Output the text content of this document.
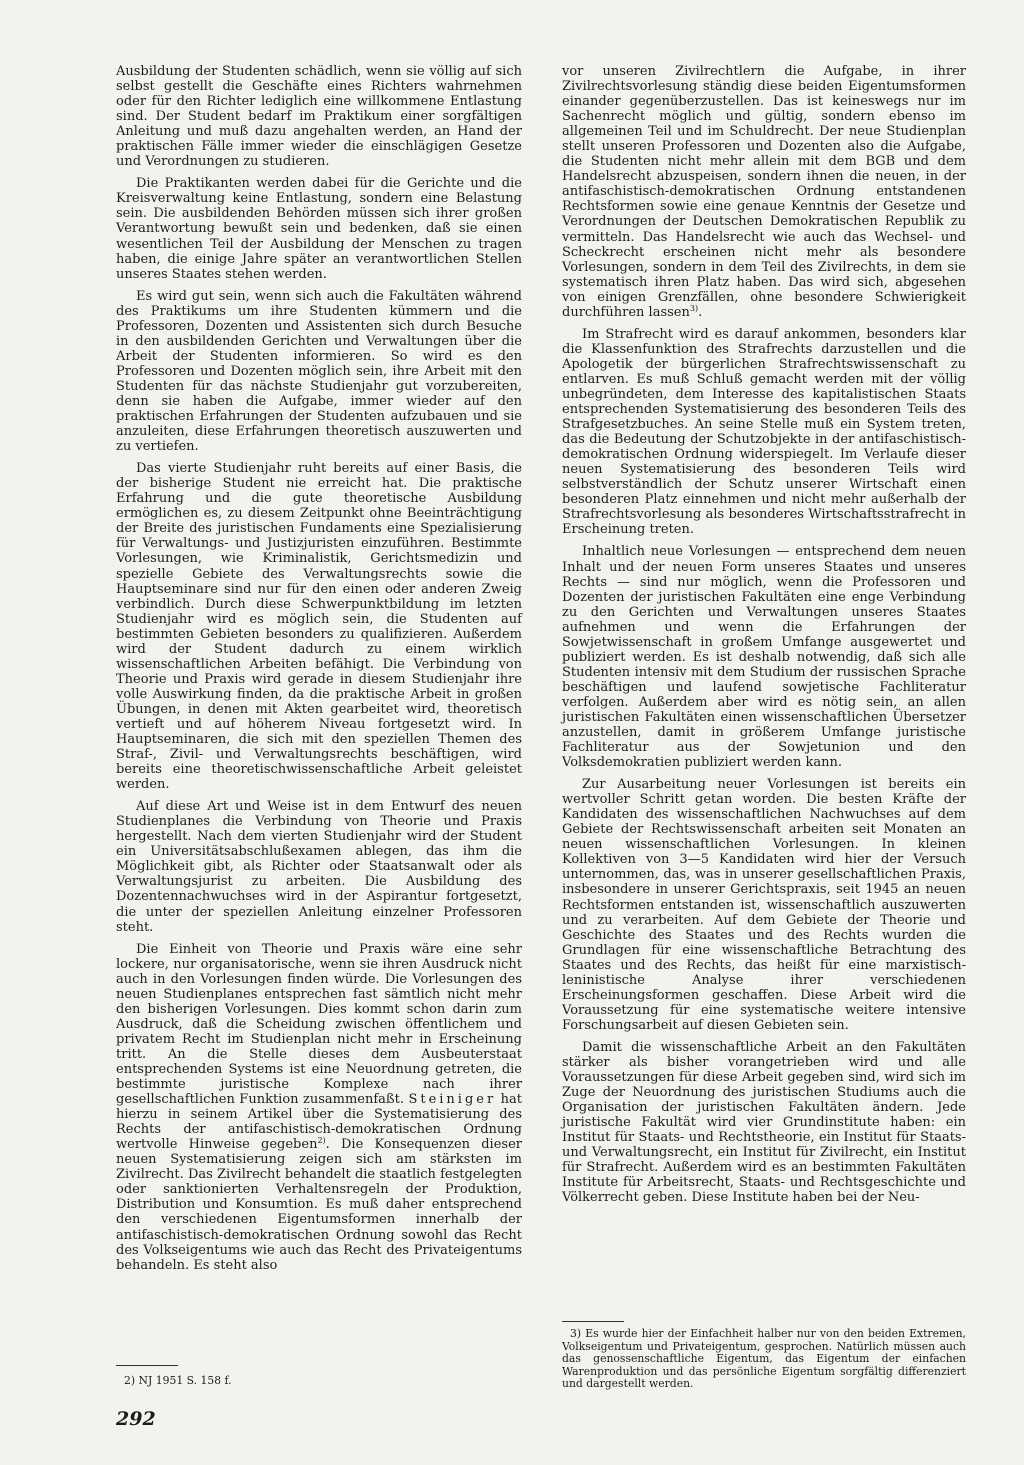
Ausbildung der Studenten schädlich, wenn sie völlig auf sich selbst gestellt die Geschäfte eines Richters wahrnehmen oder für den Richter lediglich eine willkommene Entlastung sind. Der Student bedarf im Praktikum einer sorgfältigen Anleitung und muß dazu angehalten werden, an Hand der praktischen Fälle immer wieder die einschlägigen Gesetze und Verordnungen zu studieren.

Die Praktikanten werden dabei für die Gerichte und die Kreisverwaltung keine Entlastung, sondern eine Belastung sein. Die ausbildenden Behörden müssen sich ihrer großen Verantwortung bewußt sein und bedenken, daß sie einen wesentlichen Teil der Ausbildung der Menschen zu tragen haben, die einige Jahre später an verantwortlichen Stellen unseres Staates stehen werden.

Es wird gut sein, wenn sich auch die Fakultäten während des Praktikums um ihre Studenten kümmern und die Professoren, Dozenten und Assistenten sich durch Besuche in den ausbildenden Gerichten und Verwaltungen über die Arbeit der Studenten informieren. So wird es den Professoren und Dozenten möglich sein, ihre Arbeit mit den Studenten für das nächste Studienjahr gut vorzubereiten, denn sie haben die Aufgabe, immer wieder auf den praktischen Erfahrungen der Studenten aufzubauen und sie anzuleiten, diese Erfahrungen theoretisch auszuwerten und zu vertiefen.

Das vierte Studienjahr ruht bereits auf einer Basis, die der bisherige Student nie erreicht hat. Die praktische Erfahrung und die gute theoretische Ausbildung ermöglichen es, zu diesem Zeitpunkt ohne Beeinträchtigung der Breite des juristischen Fundaments eine Spezialisierung für Verwaltungs- und Justizjuristen einzuführen. Bestimmte Vorlesungen, wie Kriminalistik, Gerichtsmedizin und spezielle Gebiete des Verwaltungsrechts sowie die Hauptseminare sind nur für den einen oder anderen Zweig verbindlich. Durch diese Schwerpunktbildung im letzten Studienjahr wird es möglich sein, die Studenten auf bestimmten Gebieten besonders zu qualifizieren. Außerdem wird der Student dadurch zu einem wirklich wissenschaftlichen Arbeiten befähigt. Die Verbindung von Theorie und Praxis wird gerade in diesem Studienjahr ihre volle Auswirkung finden, da die praktische Arbeit in großen Übungen, in denen mit Akten gearbeitet wird, theoretisch vertieft und auf höherem Niveau fortgesetzt wird. In Hauptseminaren, die sich mit den speziellen Themen des Straf-, Zivil- und Verwaltungsrechts beschäftigen, wird bereits eine theoretischwissenschaftliche Arbeit geleistet werden.

Auf diese Art und Weise ist in dem Entwurf des neuen Studienplanes die Verbindung von Theorie und Praxis hergestellt. Nach dem vierten Studienjahr wird der Student ein Universitätsabschlußexamen ablegen, das ihm die Möglichkeit gibt, als Richter oder Staatsanwalt oder als Verwaltungsjurist zu arbeiten. Die Ausbildung des Dozentennachwuchses wird in der Aspirantur fortgesetzt, die unter der speziellen Anleitung einzelner Professoren steht.

Die Einheit von Theorie und Praxis wäre eine sehr lockere, nur organisatorische, wenn sie ihren Ausdruck nicht auch in den Vorlesungen finden würde. Die Vorlesungen des neuen Studienplanes entsprechen fast sämtlich nicht mehr den bisherigen Vorlesungen. Dies kommt schon darin zum Ausdruck, daß die Scheidung zwischen öffentlichem und privatem Recht im Studienplan nicht mehr in Erscheinung tritt. An die Stelle dieses dem Ausbeuterstaat entsprechenden Systems ist eine Neuordnung getreten, die bestimmte juristische Komplexe nach ihrer gesellschaftlichen Funktion zusammenfaßt. Steiniger hat hierzu in seinem Artikel über die Systematisierung des Rechts der antifaschistisch-demokratischen Ordnung wertvolle Hinweise gegeben$^{2)}$. Die Konsequenzen dieser neuen Systematisierung zeigen sich am stärksten im Zivilrecht. Das Zivilrecht behandelt die staatlich festgelegten oder sanktionierten Verhaltensregeln der Produktion, Distribution und Konsumtion. Es muß daher entsprechend den verschiedenen Eigentumsformen innerhalb der antifaschistisch-demokratischen Ordnung sowohl das Recht des Volkseigentums wie auch das Recht des Privateigentums behandeln. Es steht also

vor unseren Zivilrechtlern die Aufgabe, in ihrer Zivilrechtsvorlesung ständig diese beiden Eigentumsformen einander gegenüberzustellen. Das ist keineswegs nur im Sachenrecht möglich und gültig, sondern ebenso im allgemeinen Teil und im Schuldrecht. Der neue Studienplan stellt unseren Professoren und Dozenten also die Aufgabe, die Studenten nicht mehr allein mit dem BGB und dem Handelsrecht abzuspeisen, sondern ihnen die neuen, in der antifaschistisch-demokratischen Ordnung entstandenen Rechtsformen sowie eine genaue Kenntnis der Gesetze und Verordnungen der Deutschen Demokratischen Republik zu vermitteln. Das Handelsrecht wie auch das Wechsel- und Scheckrecht erscheinen nicht mehr als besondere Vorlesungen, sondern in dem Teil des Zivilrechts, in dem sie systematisch ihren Platz haben. Das wird sich, abgesehen von einigen Grenzfällen, ohne besondere Schwierigkeit durchführen lassen$^{3)}$.

Im Strafrecht wird es darauf ankommen, besonders klar die Klassenfunktion des Strafrechts darzustellen und die Apologetik der bürgerlichen Strafrechtswissenschaft zu entlarven. Es muß Schluß gemacht werden mit der völlig unbegründeten, dem Interesse des kapitalistischen Staats entsprechenden Systematisierung des besonderen Teils des Strafgesetzbuches. An seine Stelle muß ein System treten, das die Bedeutung der Schutzobjekte in der antifaschistisch-demokratischen Ordnung widerspiegelt. Im Verlaufe dieser neuen Systematisierung des besonderen Teils wird selbstverständlich der Schutz unserer Wirtschaft einen besonderen Platz einnehmen und nicht mehr außerhalb der Strafrechtsvorlesung als besonderes Wirtschaftsstrafrecht in Erscheinung treten.

Inhaltlich neue Vorlesungen — entsprechend dem neuen Inhalt und der neuen Form unseres Staates und unseres Rechts — sind nur möglich, wenn die Professoren und Dozenten der juristischen Fakultäten eine enge Verbindung zu den Gerichten und Verwaltungen unseres Staates aufnehmen und wenn die Erfahrungen der Sowjetwissenschaft in großem Umfange ausgewertet und publiziert werden. Es ist deshalb notwendig, daß sich alle Studenten intensiv mit dem Studium der russischen Sprache beschäftigen und laufend sowjetische Fachliteratur verfolgen. Außerdem aber wird es nötig sein, an allen juristischen Fakultäten einen wissenschaftlichen Übersetzer anzustellen, damit in größerem Umfange juristische Fachliteratur aus der Sowjetunion und den Volksdemokratien publiziert werden kann.

Zur Ausarbeitung neuer Vorlesungen ist bereits ein wertvoller Schritt getan worden. Die besten Kräfte der Kandidaten des wissenschaftlichen Nachwuchses auf dem Gebiete der Rechtswissenschaft arbeiten seit Monaten an neuen wissenschaftlichen Vorlesungen. In kleinen Kollektiven von 3—5 Kandidaten wird hier der Versuch unternommen, das, was in unserer gesellschaftlichen Praxis, insbesondere in unserer Gerichtspraxis, seit 1945 an neuen Rechtsformen entstanden ist, wissenschaftlich auszuwerten und zu verarbeiten. Auf dem Gebiete der Theorie und Geschichte des Staates und des Rechts wurden die Grundlagen für eine wissenschaftliche Betrachtung des Staates und des Rechts, das heißt für eine marxistisch-leninistische Analyse ihrer verschiedenen Erscheinungsformen geschaffen. Diese Arbeit wird die Voraussetzung für eine systematische weitere intensive Forschungsarbeit auf diesen Gebieten sein.

Damit die wissenschaftliche Arbeit an den Fakultäten stärker als bisher vorangetrieben wird und alle Voraussetzungen für diese Arbeit gegeben sind, wird sich im Zuge der Neuordnung des juristischen Studiums auch die Organisation der juristischen Fakultäten ändern. Jede juristische Fakultät wird vier Grundinstitute haben: ein Institut für Staats- und Rechtstheorie, ein Institut für Staats- und Verwaltungsrecht, ein Institut für Zivilrecht, ein Institut für Strafrecht. Außerdem wird es an bestimmten Fakultäten Institute für Arbeitsrecht, Staats- und Rechtsgeschichte und Völkerrecht geben. Diese Institute haben bei der Neu-

3) Es wurde hier der Einfachheit halber nur von den beiden Extremen, Volkseigentum und Privateigentum, gesprochen. Natürlich müssen auch das genossenschaftliche Eigentum, das Eigentum der einfachen Warenproduktion und das persönliche Eigentum sorgfältig differenziert und dargestellt werden.
2) NJ 1951 S. 158 f.
292
